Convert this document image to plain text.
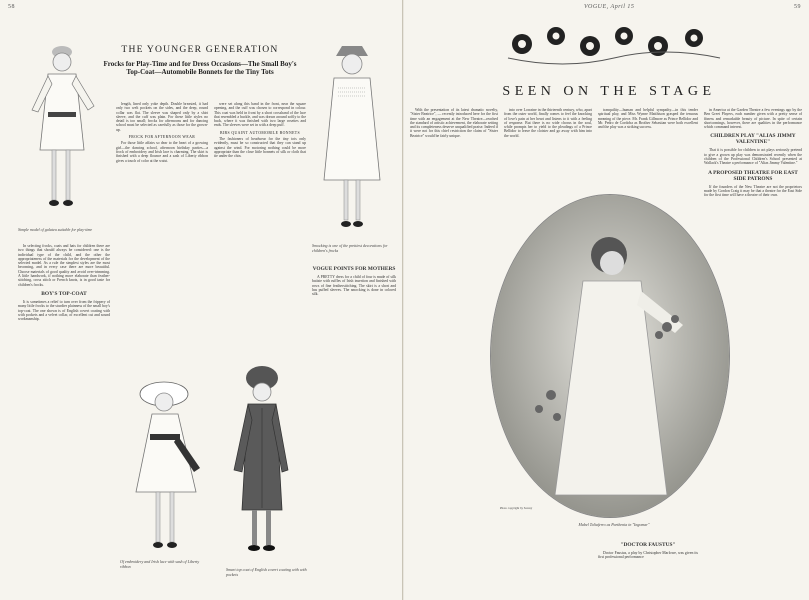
58
THE YOUNGER GENERATION
Frocks for Play-Time and for Dress Occasions—The Small Boy's Top-Coat—Automobile Bonnets for the Tiny Tots
Simple model of galatea suitable for play-time
Smocking is one of the prettiest decorations for children's frocks
Of embroidery and Irish lace with sash of Liberty ribbon
Smart top coat of English covert coating with with pockets

In selecting frocks, coats and hats for children there are two things that should always be considered: one is the individual type of the child, and the other the appropriateness of the materials for the development of the selected model. As a rule the simplest styles are the most becoming, and in every case there are more beautiful. Choose materials of good quality and avoid over-trimming. A little handwork, if nothing more elaborate than feather-stitching, cross stitch or French knots, is in good taste for children's frocks.

BOY'S TOP-COAT

It is sometimes a relief to turn over from the frippery of many little frocks to the sturdier plainness of the small boy's top-coat. The one shown is of English covert coating with with pockets and a velvet collar, of excellent cut and sound workmanship.

length, lined only yoke depth. Double breasted, it had only two welt pockets on the sides, and the deep, round collar was flat. The sleeve was shaped only by a shirt sleeve, and the cuff was plain. For these little styles no detail is too small; frocks for afternoons and for dancing school must be selected as carefully as those for the grown-up.

FROCK FOR AFTERNOON WEAR

For those little affairs so dear to the heart of a growing girl—the dancing school, afternoon birthday parties—a frock of embroidery and Irish lace is charming. The skirt is finished with a deep flounce and a sash of Liberty ribbon gives a touch of color at the waist.

were set along this band in the front, near the square opening, and the cuff was chosen to correspond in colour. This coat was held in front by a short crosshand of the lace that resembled a buckle, and was drawn around softly to the back, where it was finished with two large rosettes and ends. The sleeves were set in with a deep puff.

BIBS QUAINT AUTOMOBILE BONNETS

The fashioners of headwear for the tiny tots only evidently, must be so constructed that they can stand up against the wind. For motoring nothing could be more appropriate than the close little bonnets of silk or cloth that tie under the chin.

VOGUE POINTS FOR MOTHERS

A PRETTY dress for a child of four is made of silk batiste with ruffles of Irish insertion and finished with rows of fine featherstitching. The skirt is a short and has puffed sleeves. The smocking is done in colored silk.

VOGUE, April 15	59
SEEN ON THE STAGE
Photo copyright by Sarony
Mabel Taliaferro as Parthenia in "Ingomar"

With the presentation of its latest dramatic novelty, "Sister Beatrice", — recently introduced here for the first time with an engagement at the New Theatre—reached the standard of artistic achievement, the elaborate setting and its completeness deserve unqualified praise. Indeed if it were not for this chief restriction the claim of "Sister Beatrice" would be fairly unique.

into over Lorraine in the thirteenth century, who, apart from the outer world, finally comes to feel the knocking of love's pain at her heart and listens to it with a feeling of response. But there is no wide chorus in the soul, while prompts her to yield to the pleadings of a Prince Bellidor to leave the cloister and go away with him into the world.

tranquility—human and helpful sympathy—in this tender spiritual play, and Miss Wynne Matthison grasped the tenuous meaning of the piece. Mr. Frank Gillmore as Prince Bellidor and Mr. Pedro de Cordoba as Brother Sebastian were both excellent and the play was a striking success.

in America at the Garden Theatre a few evenings ago by the Ben Greet Players, each number given with a pretty sense of fitness and remarkable beauty of picture. In spite of certain shortcomings, however, there are qualities in the performance which command interest.

CHILDREN PLAY "ALIAS JIMMY VALENTINE"

That it is possible for children to act plays seriously pretend to give a grown up play was demonstrated recently when the children of the Professional Children's School presented at Wallack's Theatre a performance of "Alias Jimmy Valentine."

A PROPOSED THEATRE FOR EAST SIDE PATRONS

If the founders of the New Theatre are not the proprietors made by Gordon Craig it may be that a theatre for the East Side for the first time will have a theatre of their own.

"DOCTOR FAUSTUS"

Doctor Faustus, a play by Christopher Marlowe, was given its first professional performance
